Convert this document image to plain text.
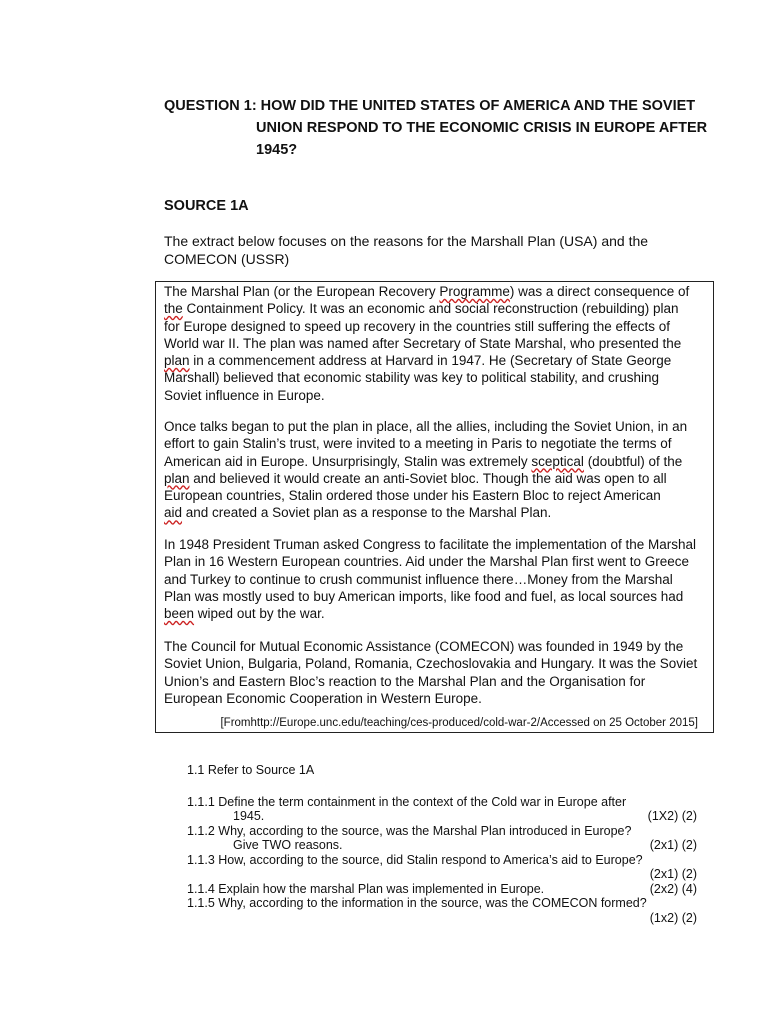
QUESTION 1: HOW DID THE UNITED STATES OF AMERICA AND THE SOVIET
UNION RESPOND TO THE ECONOMIC CRISIS IN EUROPE AFTER
1945?
SOURCE 1A
The extract below focuses on the reasons for the Marshall Plan (USA) and the
COMECON (USSR)
The Marshal Plan (or the European Recovery Programme) was a direct consequence of
the Containment Policy. It was an economic and social reconstruction (rebuilding) plan
for Europe designed to speed up recovery in the countries still suffering the effects of
World war II. The plan was named after Secretary of State Marshal, who presented the
plan in a commencement address at Harvard in 1947. He (Secretary of State George
Marshall) believed that economic stability was key to political stability, and crushing
Soviet influence in Europe.
Once talks began to put the plan in place, all the allies, including the Soviet Union, in an
effort to gain Stalin’s trust, were invited to a meeting in Paris to negotiate the terms of
American aid in Europe. Unsurprisingly, Stalin was extremely sceptical (doubtful) of the
plan and believed it would create an anti-Soviet bloc. Though the aid was open to all
European countries, Stalin ordered those under his Eastern Bloc to reject American
aid and created a Soviet plan as a response to the Marshal Plan.
In 1948 President Truman asked Congress to facilitate the implementation of the Marshal
Plan in 16 Western European countries. Aid under the Marshal Plan first went to Greece
and Turkey to continue to crush communist influence there…Money from the Marshal
Plan was mostly used to buy American imports, like food and fuel, as local sources had
been wiped out by the war.
The Council for Mutual Economic Assistance (COMECON) was founded in 1949 by the
Soviet Union, Bulgaria, Poland, Romania, Czechoslovakia and Hungary. It was the Soviet
Union’s and Eastern Bloc’s reaction to the Marshal Plan and the Organisation for
European Economic Cooperation in Western Europe.
[Fromhttp://Europe.unc.edu/teaching/ces-produced/cold-war-2/Accessed on 25 October 2015]
1.1 Refer to Source 1A
1.1.1 Define the term containment in the context of the Cold war in Europe after
1945.	(1X2) (2)
1.1.2 Why, according to the source, was the Marshal Plan introduced in Europe?
Give TWO reasons.	(2x1) (2)
1.1.3 How, according to the source, did Stalin respond to America’s aid to Europe?
(2x1) (2)
1.1.4 Explain how the marshal Plan was implemented in Europe.	(2x2) (4)
1.1.5 Why, according to the information in the source, was the COMECON formed?
(1x2) (2)
